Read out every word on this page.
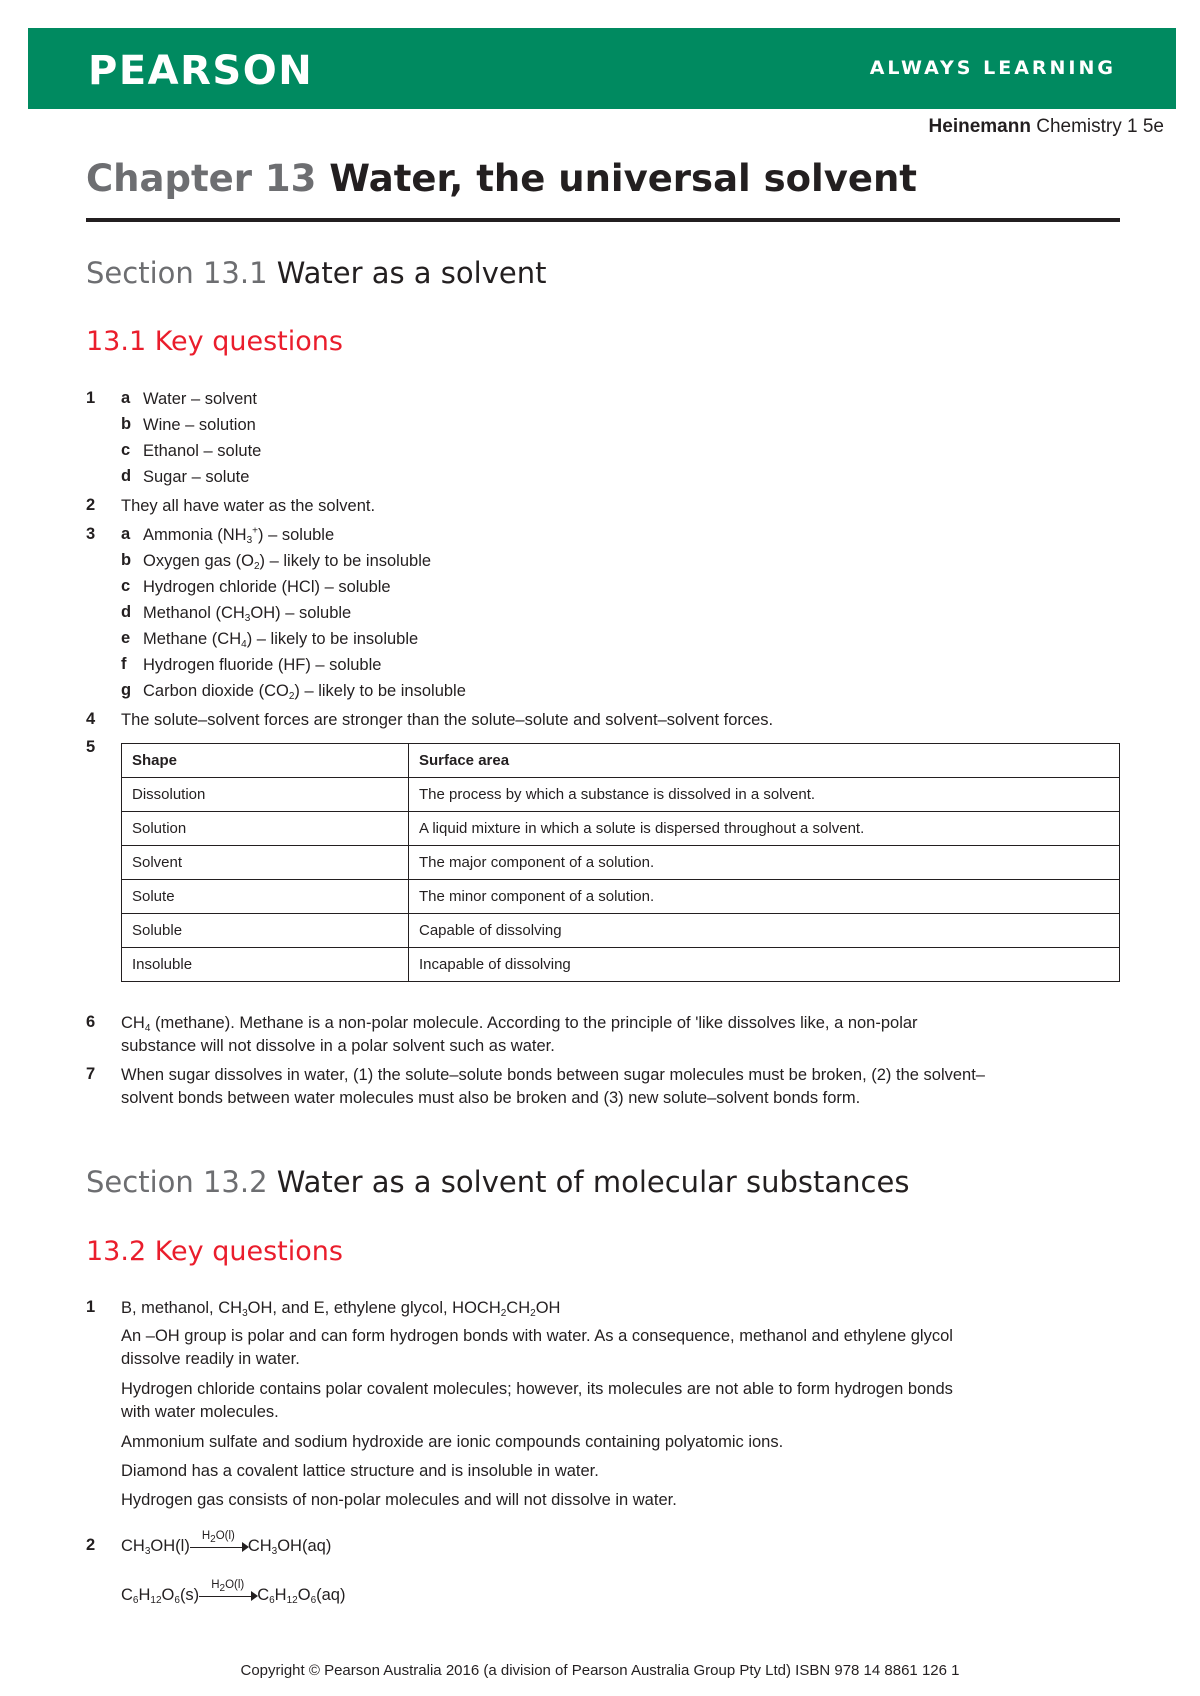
PEARSON	ALWAYS LEARNING
Heinemann Chemistry 1 5e
Chapter 13 Water, the universal solvent
Section 13.1 Water as a solvent
13.1 Key questions
1 a Water – solvent
b Wine – solution
c Ethanol – solute
d Sugar – solute
2 They all have water as the solvent.
3 a Ammonia $(NH_3^+)$ – soluble
b Oxygen gas $(O_2)$ – likely to be insoluble
c Hydrogen chloride (HCl) – soluble
d Methanol $(CH_3OH)$ – soluble
e Methane $(CH_4)$ – likely to be insoluble
f Hydrogen fluoride (HF) – soluble
g Carbon dioxide $(CO_2)$ – likely to be insoluble
4 The solute–solvent forces are stronger than the solute–solute and solvent–solvent forces.
5
Shape	Surface area
Dissolution	The process by which a substance is dissolved in a solvent.
Solution	A liquid mixture in which a solute is dispersed throughout a solvent.
Solvent	The major component of a solution.
Solute	The minor component of a solution.
Soluble	Capable of dissolving
Insoluble	Incapable of dissolving
6 $CH_4$ (methane). Methane is a non-polar molecule. According to the principle of 'like dissolves like, a non-polar
substance will not dissolve in a polar solvent such as water.
7 When sugar dissolves in water, (1) the solute–solute bonds between sugar molecules must be broken, (2) the solvent–
solvent bonds between water molecules must also be broken and (3) new solute–solvent bonds form.
Section 13.2 Water as a solvent of molecular substances
13.2 Key questions
1 B, methanol, $CH_3OH$, and E, ethylene glycol, $HOCH_2CH_2OH$
An –OH group is polar and can form hydrogen bonds with water. As a consequence, methanol and ethylene glycol
dissolve readily in water.
Hydrogen chloride contains polar covalent molecules; however, its molecules are not able to form hydrogen bonds
with water molecules.
Ammonium sulfate and sodium hydroxide are ionic compounds containing polyatomic ions.
Diamond has a covalent lattice structure and is insoluble in water.
Hydrogen gas consists of non-polar molecules and will not dissolve in water.
2 $CH_3OH(l)$
$H_2O(l)$
$CH_3OH(aq)$
$C_6H_{12}O_6(s)$
$H_2O(l)$
$C_6H_{12}O_6(aq)$
Copyright © Pearson Australia 2016 (a division of Pearson Australia Group Pty Ltd) ISBN 978 14 8861 126 1
